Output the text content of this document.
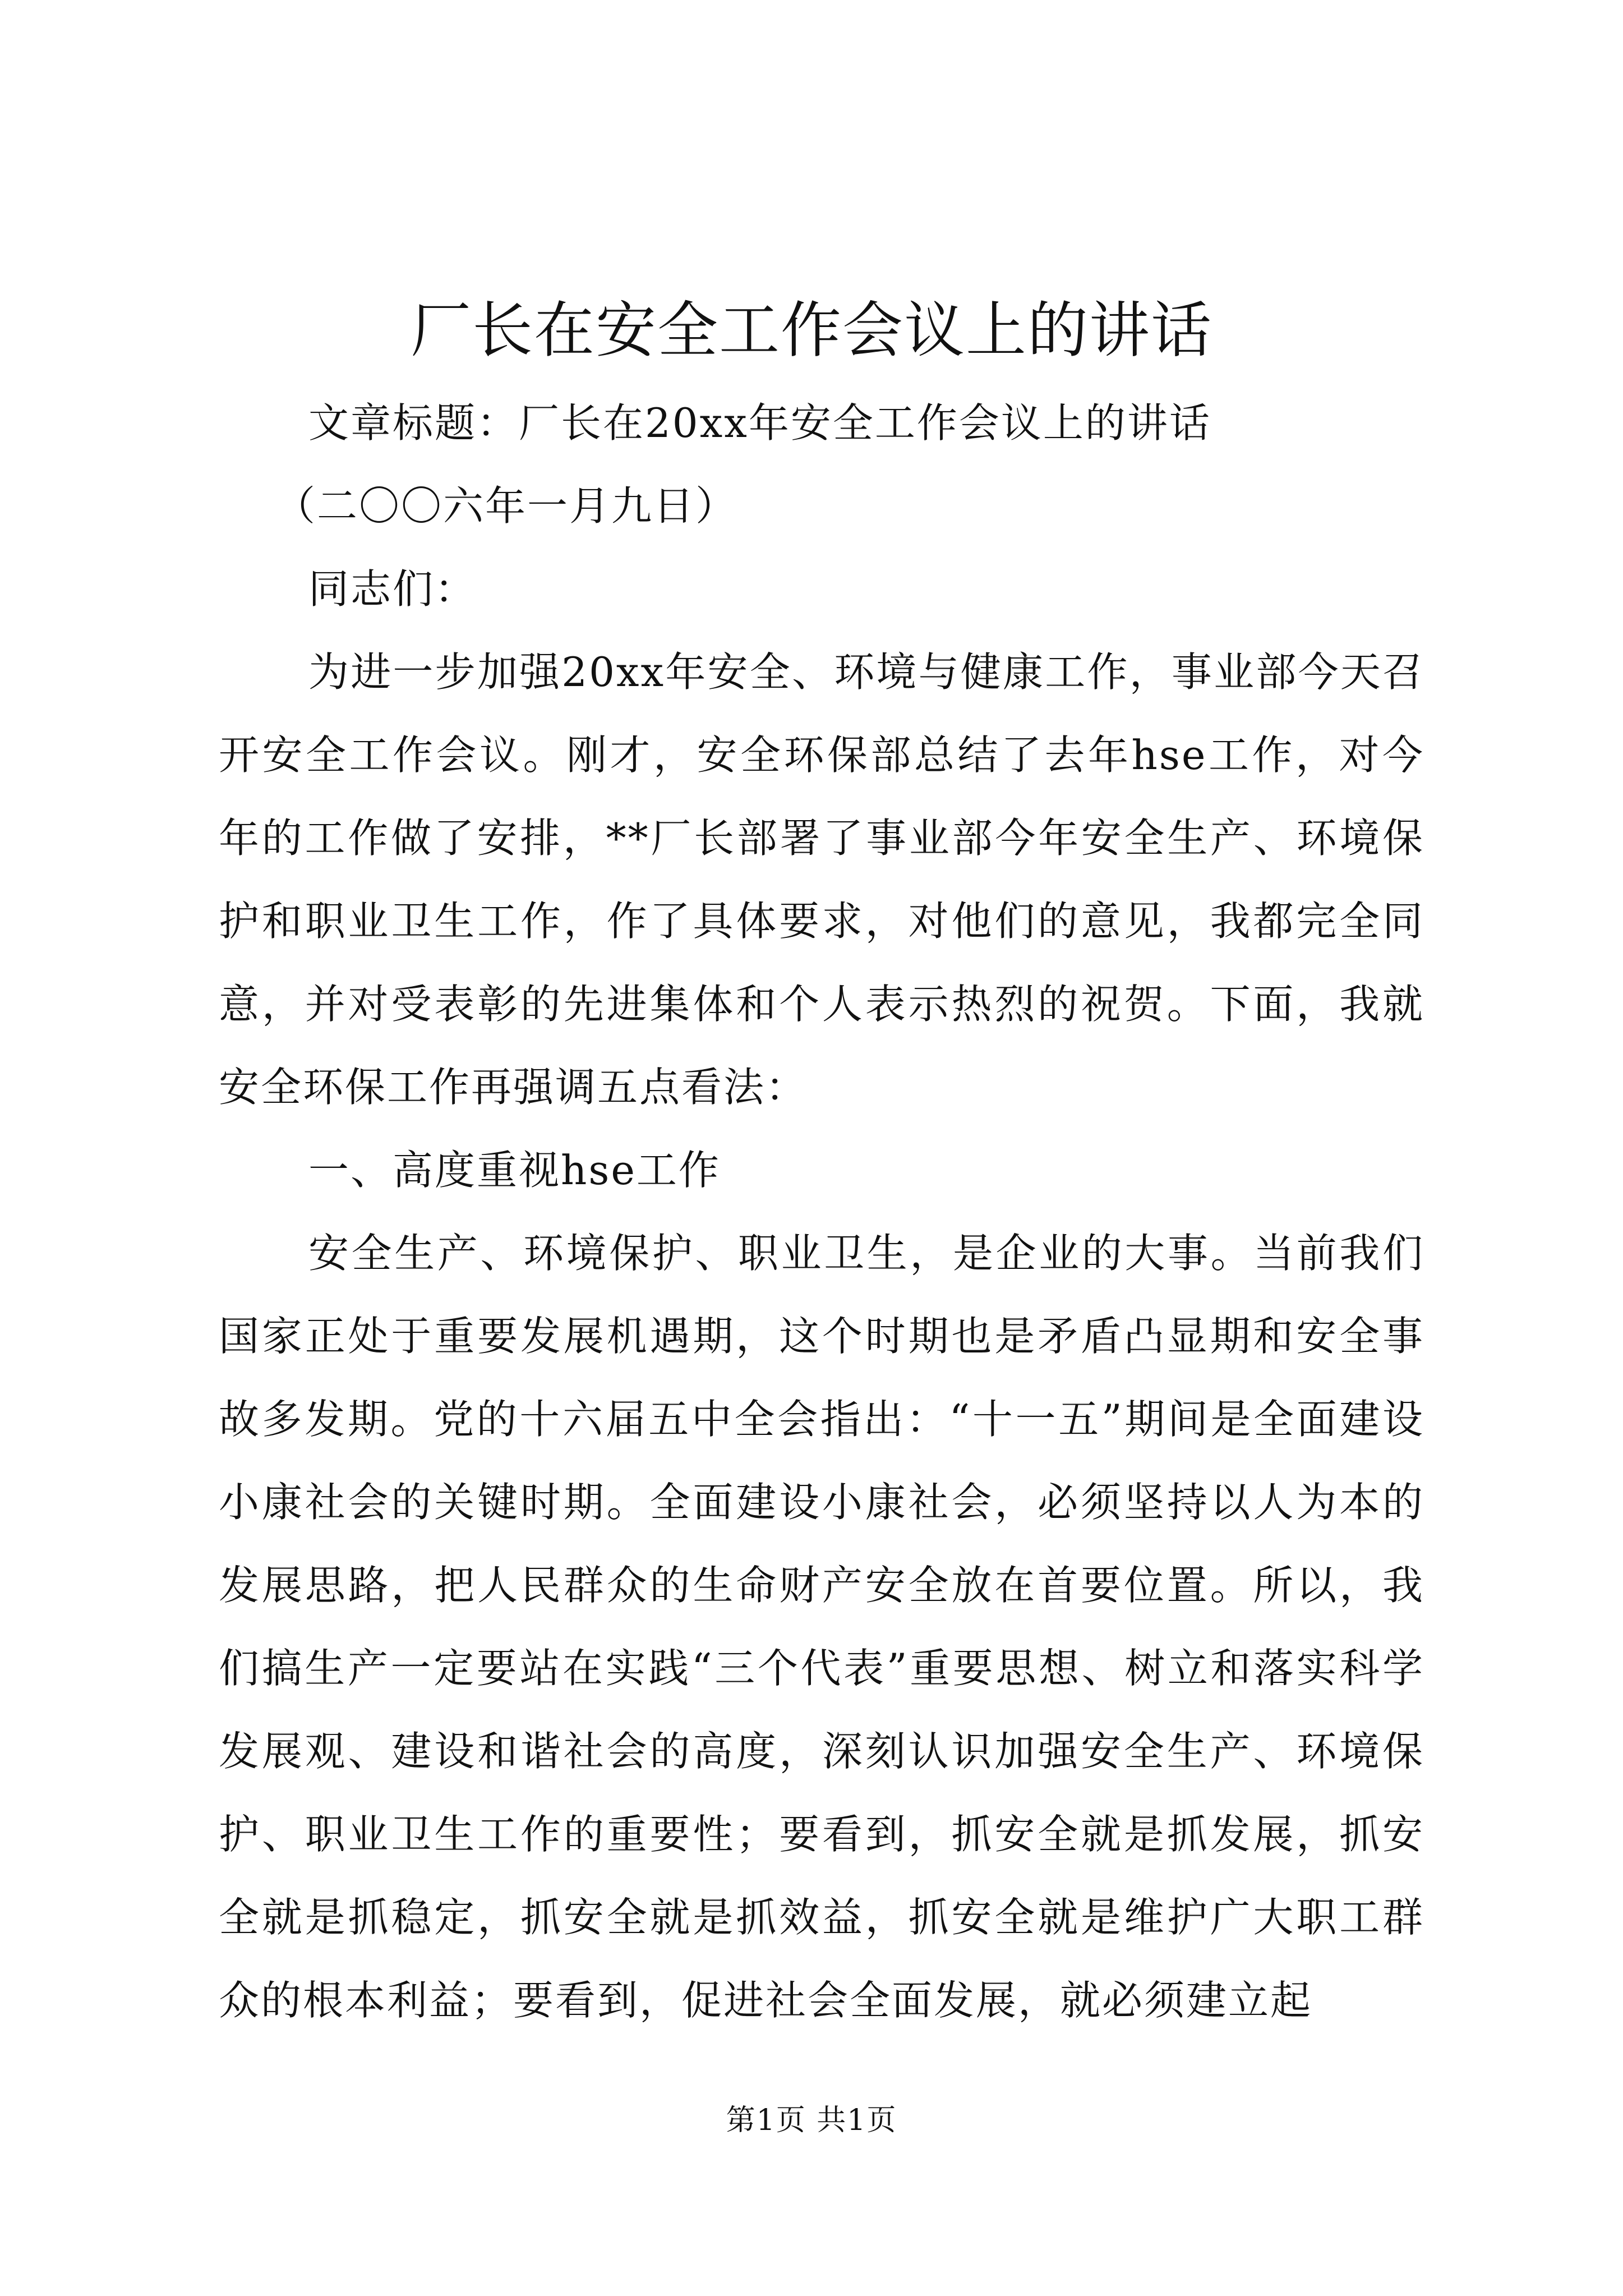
厂长在安全工作会议上的讲话

文章标题：厂长在20xx年安全工作会议上的讲话

（二〇〇六年一月九日）

同志们：

为进一步加强20xx年安全、环境与健康工作，事业部今天召开安全工作会议。刚才，安全环保部总结了去年hse工作，对今年的工作做了安排，**厂长部署了事业部今年安全生产、环境保护和职业卫生工作，作了具体要求，对他们的意见，我都完全同意，并对受表彰的先进集体和个人表示热烈的祝贺。下面，我就安全环保工作再强调五点看法：

一、高度重视hse工作

安全生产、环境保护、职业卫生，是企业的大事。当前我们国家正处于重要发展机遇期，这个时期也是矛盾凸显期和安全事故多发期。党的十六届五中全会指出：“十一五”期间是全面建设小康社会的关键时期。全面建设小康社会，必须坚持以人为本的发展思路，把人民群众的生命财产安全放在首要位置。所以，我们搞生产一定要站在实践“三个代表”重要思想、树立和落实科学发展观、建设和谐社会的高度，深刻认识加强安全生产、环境保护、职业卫生工作的重要性；要看到，抓安全就是抓发展，抓安全就是抓稳定，抓安全就是抓效益，抓安全就是维护广大职工群众的根本利益；要看到，促进社会全面发展，就必须建立起

第1页 共1页
